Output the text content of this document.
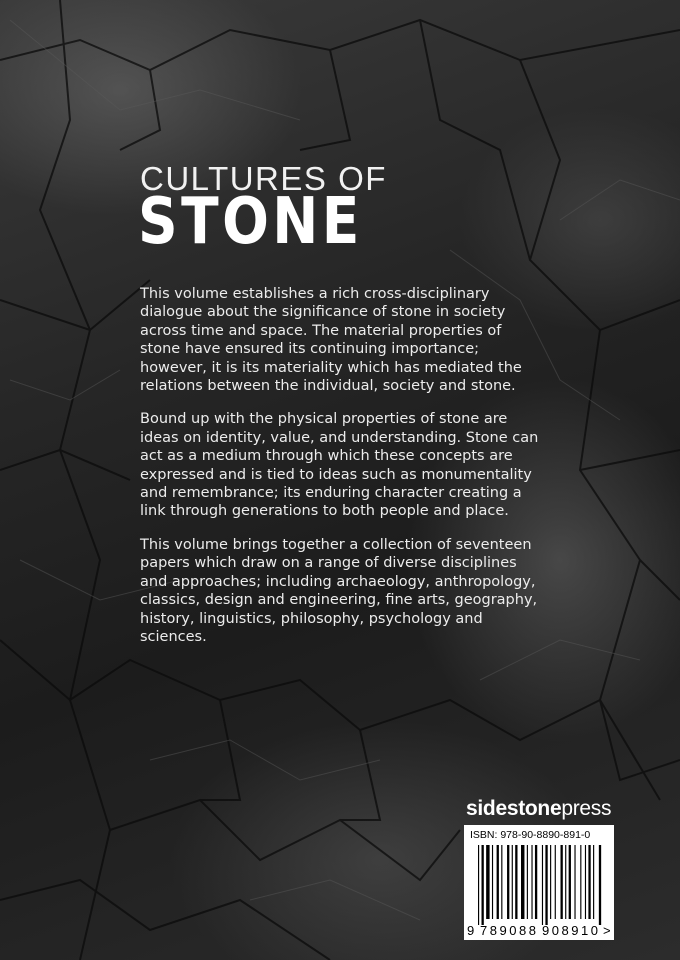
CULTURES OF
STONE

This volume establishes a rich cross-disciplinary dialogue about the significance of stone in society across time and space. The material properties of stone have ensured its continuing importance; however, it is its materiality which has mediated the relations between the individual, society and stone.

Bound up with the physical properties of stone are ideas on identity, value, and understanding. Stone can act as a medium through which these concepts are expressed and is tied to ideas such as monumentality and remembrance; its enduring character creating a link through generations to both people and place.

This volume brings together a collection of seventeen papers which draw on a range of diverse disciplines and approaches; including archaeology, anthropology, classics, design and engineering, fine arts, geography, history, linguistics, philosophy, psychology and sciences.

sidestonepress
ISBN: 978-90-8890-891-0
9 789088 908910 >
